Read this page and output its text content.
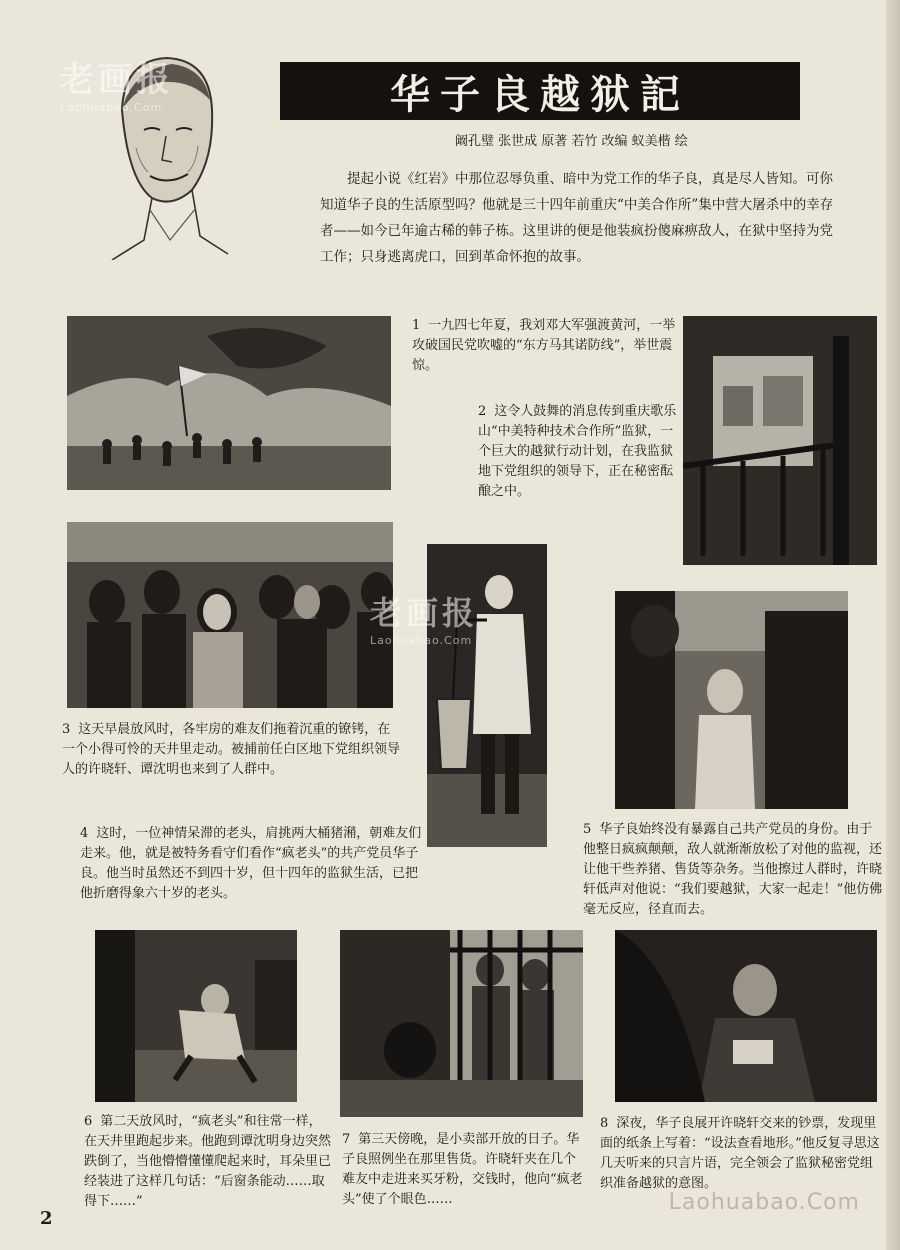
老画报
Laohuabao.Com	华子良越狱記
阚孔璧 张世成 原著 若竹 改编 蚁美楷 绘
提起小说《红岩》中那位忍辱负重、暗中为党工作的华子良，真是尽人皆知。可你知道华子良的生活原型吗？他就是三十四年前重庆“中美合作所”集中营大屠杀中的幸存者——如今已年逾古稀的韩子栋。这里讲的便是他装疯扮傻麻痹敌人，在狱中坚持为党工作；只身逃离虎口，回到革命怀抱的故事。
1 一九四七年夏，我刘邓大军强渡黄河，一举攻破国民党吹嘘的“东方马其诺防线”，举世震惊。
2 这令人鼓舞的消息传到重庆歌乐山“中美特种技术合作所”监狱，一个巨大的越狱行动计划，在我监狱地下党组织的领导下，正在秘密酝酿之中。
3 这天早晨放风时，各牢房的难友们拖着沉重的镣铐，在一个小得可怜的天井里走动。被捕前任白区地下党组织领导人的许晓轩、谭沈明也来到了人群中。
老画报
Laohuabao.Com
4 这时，一位神情呆滞的老头，肩挑两大桶猪潲，朝难友们走来。他，就是被特务看守们看作“疯老头”的共产党员华子良。他当时虽然还不到四十岁，但十四年的监狱生活，已把他折磨得象六十岁的老头。
5 华子良始终没有暴露自己共产党员的身份。由于他整日疯疯颠颠，敌人就渐渐放松了对他的监视，还让他干些养猪、售货等杂务。当他擦过人群时，许晓轩低声对他说：“我们要越狱，大家一起走！”他仿佛毫无反应，径直而去。
6 第二天放风时，“疯老头”和往常一样，在天井里跑起步来。他跑到谭沈明身边突然跌倒了，当他懵懵懂懂爬起来时，耳朵里已经装进了这样几句话：“后窗条能动……取得下……”
7 第三天傍晚，是小卖部开放的日子。华子良照例坐在那里售货。许晓轩夹在几个难友中走进来买牙粉，交钱时，他向“疯老头”使了个眼色……
8 深夜，华子良展开许晓轩交来的钞票，发现里面的纸条上写着：“设法查看地形。”他反复寻思这几天听来的只言片语，完全领会了监狱秘密党组织准备越狱的意图。
Laohuabao.Com
2
